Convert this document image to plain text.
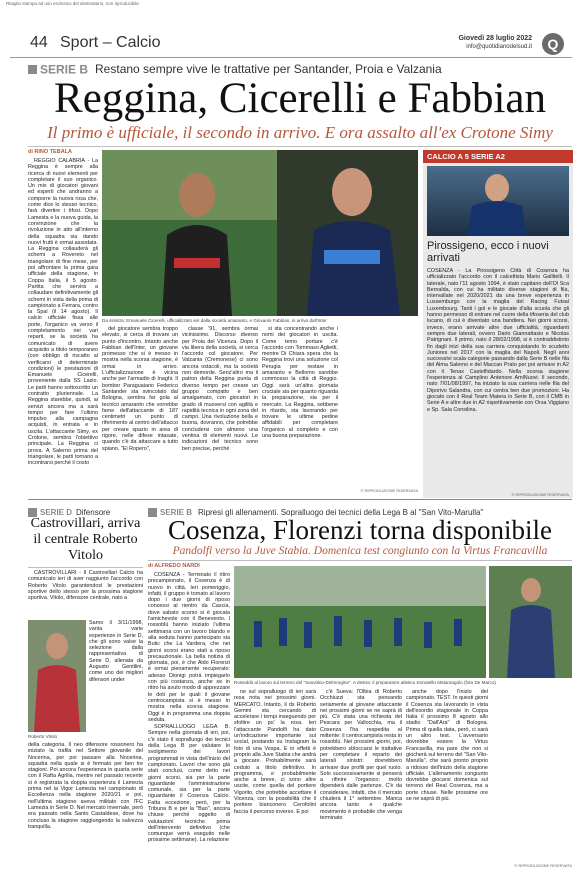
Ritaglio stampa ad uso esclusivo del destinatario, non riproducibile
44 Sport – Calcio	Giovedì 28 luglio 2022
info@quotidianodelsud.it	Q
SERIE B Restano sempre vive le trattative per Santander, Proia e Valzania
Reggina, Cicerelli e Fabbian
Il primo è ufficiale, il secondo in arrivo. E ora assalto all'ex Crotone Simy
di RINO TEBALA

REGGIO CALABRIA - La Reggina è sempre alla ricerca di nuovi elementi per completare il suo organico. Un mix di giocatori giovani ed esperti che andranno a comporre la nuova rosa che, come dice lo stesso tecnico, farà divertire i tifosi. Dopo Lamesta e la nuova guida, la convinzione che la rivoluzione in atto all'interno della squadra sia dando nuovi frutti è ormai assodata. La Reggina collauderà gli schemi a Rovereto nel triangolare di fine mese, per poi affrontare la prima gara ufficiale della stagione, in Coppa Italia, il 5 agosto. Partita che servirà a collaudare definitivamente gli schemi in vista della prima di campionato a Ferrara, contro la Spal (il 14 agosto). Il calcio ufficiale fissa alle porte, l'organico va verso il completamento nei vari reparti, se la società ha comunicato di avere acquisito a titolo temporaneo (con obbligo di riscatto al verificarsi di determinate condizioni) le prestazioni di Emanuele Cicerelli, proveniente dalla SS Lazio. Le parti hanno sottoscritto un contratto pluriennale. La Reggina starebbe, quindi, ai servizi ancora ma a sarà tempo per fare l'ultimo impulso alla campagna acquisti, in entrata e in uscita. L'attaccante Simy, ex Crotone, sembra l'obiettivo principale. La Reggina ci prova. A Salerno prima del triangolare, le parti tornano a incontrarsi perché il costo

Da sinistra: Emanuele Cicerelli, ufficializzato ieri dalla società amaranto, e Giovanni Fabbian, in arrivo dall'Inter

del giocatore sembra troppo elevato, si cerca di trovare un punto d'incontro. Intanto anche Fabbian dell'Inter, un giovane promesso che si è messo in mostra nella scorsa stagione, è ormai in arrivo. L'ufficializzazione è vicina anche per l'armadio di Inaghi. Il bomber Paraguaiano Federico Santander sta svincolato dal Bologna, sembra far gola al tecnico amaranto che vorrebbe farne dell'attaccante di 187 centimetri un punto di riferimento al centro dell'attacco per creare spazio in area di rigore, nelle difese intasate, quando c'è da attaccare a tutto spiano. "El Ropero",

classe '91, sembra ormai vicinissimo. Discorso diverso per Proia del Vicenza. Dopo il via libera della società, si cerca l'accordo col giocatore. Per Valzania (Cremonese) ci sono ancora ostacoli, ma la società non demorde. Senz'altro ma il patron della Reggina punta di diverso tempo per creare un gruppo compatto e ben amalgamato, con giocatori in grado di muoversi con agilità e rapidità tecnica in ogni zona del campo. Una rivoluzione bella e buona, dovranno, che potrebbe concludersi con almeno una ventina di elementi nuovi. Le indicazioni del tecnico sono ben precise, perché

si sta concentrando anche i nomi dei giocatori in uscita. Come temo portare c'è l'accordo con Tommaso Aglietti, mentre Di Chiara spera che la Reggina trovi una soluzione col Perugia per restare in amaranto e Bellomo sarebbe commosso la città di Reggio. Oggi sarà un'altra giornata cruciale sia per quanto riguarda la preparazione, sia per il mercato. La Reggina, sebbene in ritardo, sta lavorando per trovare le ultime pedine affidabili per completare l'organico al completo e con una buona preparazione.

© RIPRODUZIONE RISERVATA
CALCIO A 5 SERIE A2
Pirossigeno, ecco i nuovi arrivati

COSENZA - La Pirossigeno Città di Cosenza ha ufficializzato l'accordo con il calcettista Mario Gallitelli. Il laterale, nato l'11 agosto 1994, è stato capitano dell'Ol Sca Bernalda, con cui ha militato diverse stagioni di fila, intervallate nel 2020/2021 da una breve esperienza in Lussemburgo con la maglia del Racing Futsal Luxembourg. Tanti i gol e le giocate d'alta scuola che gli hanno permesso di entrare nel cuore della tifoseria del club lucano, di cui è diventato una bandiera. Nei giorni scorsi, invece, erano arrivate altre due ufficialità, riguardanti sempre due laterali, ovvero Dario Giannattasio e Nicolas Patrignani. Il primo, nato il 28/02/1998, si è contraddistinto fin dagli inizi della sua carriera conquistando lo scudetto Juniores nel 2017 con la maglia del Napoli. Negli anni successivi scala categorie passando dalla Serie B nelle fila del Alma Salerno e del Maccan Prato per poi arrivare in A2 con il Tenax Castelfidardo. Nella scorsa stagione l'esperienza al Camplino Antenore AmiNuovi. Il secondo, nato 7/01/08/1997, ha iniziato la sua carriera nelle fila del Diporivo Salandra, con cui centra ben due promozioni. Ha giocato con il Real Team Matera in Serie B, con il CMB in Serie A e altre due in A2 rispettivamente con Orsa Viggiano e Sp. Sala Consilina.

© RIPRODUZIONE RISERVATA
SERIE D Difensore
Castrovillari, arriva il centrale Roberto Vitolo

CASTROVILLARI - Il Castrovillari Calcio ha comunicato ieri di aver raggiunto l'accordo con Roberto Vitolo garantendosi le prestazioni sportive dello stesso per la prossima stagione sportiva. Vitolo, difensore centrale, nato a

Roberto Vitolo

Sarno il 3/11/1998, vanta varie esperienze in Serie D, che gli sono valse la selezione dalla rappresentativa di Serie D, allenata da Augusto Gentilini, come uno dei migliori difensori under

della categoria. Il neo difensore rossonero ha iniziato la trafila nel Settore giovanile del Nocerina, per poi passare alla Nocerina, squadra nella quale si è fermato per ben tre stagioni. Poi ancora l'esperienza in quarta serie con il Rafta Agrilia, mentre nel passato recente si è registrata la doppia esperienza il Lamezia prima nel la Vigor Lamezia nel campionato di Eccellenza nella stagione 2020/21 e poi, nell'ultima stagione aveva militato con l'FC Lamezia in Serie D. Nel mercato invernale, però era passato nella Santo Castaldese, dove ha concluso la stagione raggiungendo la salvezza tranquilla.

SERIE B Ripresi gli allenamenti. Sopralluogo dei tecnici della Lega B al "San Vito-Marulla"
Cosenza, Florenzi torna disponibile
Pandolfi verso la Juve Stabia. Domenica test congiunto con la Virtus Francavilla
di ALFREDO NARDI

COSENZA - Terminato il ritiro precampionato, il Cosenza è di nuovo in città. Ieri pomeriggio, infatti, il gruppo è tornato al lavoro dopo i due giorni di riposo concessi al rientro da Cascia, dove sabato scorso si è giocata l'amichevole con il Benevento. I rossoblù hanno iniziato l'ultima settimana con un lavoro blando e alla seduta hanno partecipato sia Butic che La Vardera, che nei giorni scorsi erano stati a riposo precauzionale. La bella notizia di giornata, poi, è che Aldo Florenzi è ormai pienamente recuperato: adesso Dionigi potrà impiegarlo con più costanza, anche se in ritiro ha avuto modo di apprezzare le doti per le quali il giovane centrocampista si è messo in mostra nella scorsa stagione. Oggi è in programma una doppia seduta.

SOPRALLUOGO LEGA B. Sempre nella giornata di ieri, poi, c'è stato il sopralluogo dei tecnici della Lega B per valutare lo svolgimento dei lavori programmati in vista dell'inizio del campionato. Lavori che sono già stati conclusi, come detto nei giorni scorsi, sia per la parte riguardante l'amministrazione comunale, sia per la parte riguardante il Cosenza Calcio. Fatta eccezione, però, per la Tribuna B e per la "Bao", ancora chiuse perché oggetto di valutazioni tecniche prima dell'intervento definitivo (che comunque verrà eseguito nelle prossime settimane). La relazione

Rossoblù al lavoro sul terreno del "Sanvitino-Delmorgine". A destra: il preparatore atletico Donatello Matarangolo (foto De Marco)

ne sul sopralluogo di ieri sarà resa nota nei prossimi giorni. MERCATO. Intanto, il ds Roberto Gemmi sta cercando di accelerare i tempi inseguendo per sfoltire un po' la rosa. Ieri l'attaccante Pandolfi ha dato un'indicazione importante sui social, postando su Instagram la foto di una Vespa. E in effetti è proprio alla Juve Stabia che andrà a giocare. Probabilmente sarà ceduto a titolo definitivo. In programma, e probabilmente anche a breve, ci sono altre uscite, come quella del portiere Vigorito, che potrebbe accettare il Vicenza, con la possibilità che il portiere bianconero Cerofolini faccia il percorso inverso. E poi

c'è Sueva: l'Olbia di Roberto Occhiuzzi sta pensando seriamente al giovane attaccante nei prossimi giorni se ne saprà di più. C'è stata una richiesta del Pescara per Vallocchia, ma il Cosenza l'ha respedita al mittente: il centrocampista resta in rossoblù. Nei prossimi giorni, poi, potrebbero sbloccarsi le trattative per completare il reparto dei laterali sinistri: dovrebbero arrivare due profili per quel ruolo. Solo successivamente si penserà a rifinire l'organico: molto dipenderà dalle partenze. C'è da considerare, infatti, che il mercato chiuderà il 1° settembre. Manca ancora tanto e qualche movimento è probabile che venga terminato

anche dopo l'inizio del campionato. TEST. In questi giorni il Cosenza sta lavorando in vista dell'esordio stagionale in Coppa Italia il prossimo 8 agosto allo stadio "Dall'Ara" di Bologna. Prima di quella data, però, ci sarà un altro test. L'avversario dovrebbe essere la Virtus Francavilla, ma pare che non si giocherà sul terreno del "San Vito-Marulla", che sarà pronto proprio a ridosso dell'inizio della stagione ufficiale. L'allenamento congiunto dovrebbe giocarsi domenica sul terreno del Real Cosenza, ma a porte chiuse. Nelle prossime ore se ne saprà di più.

© RIPRODUZIONE RISERVATA
